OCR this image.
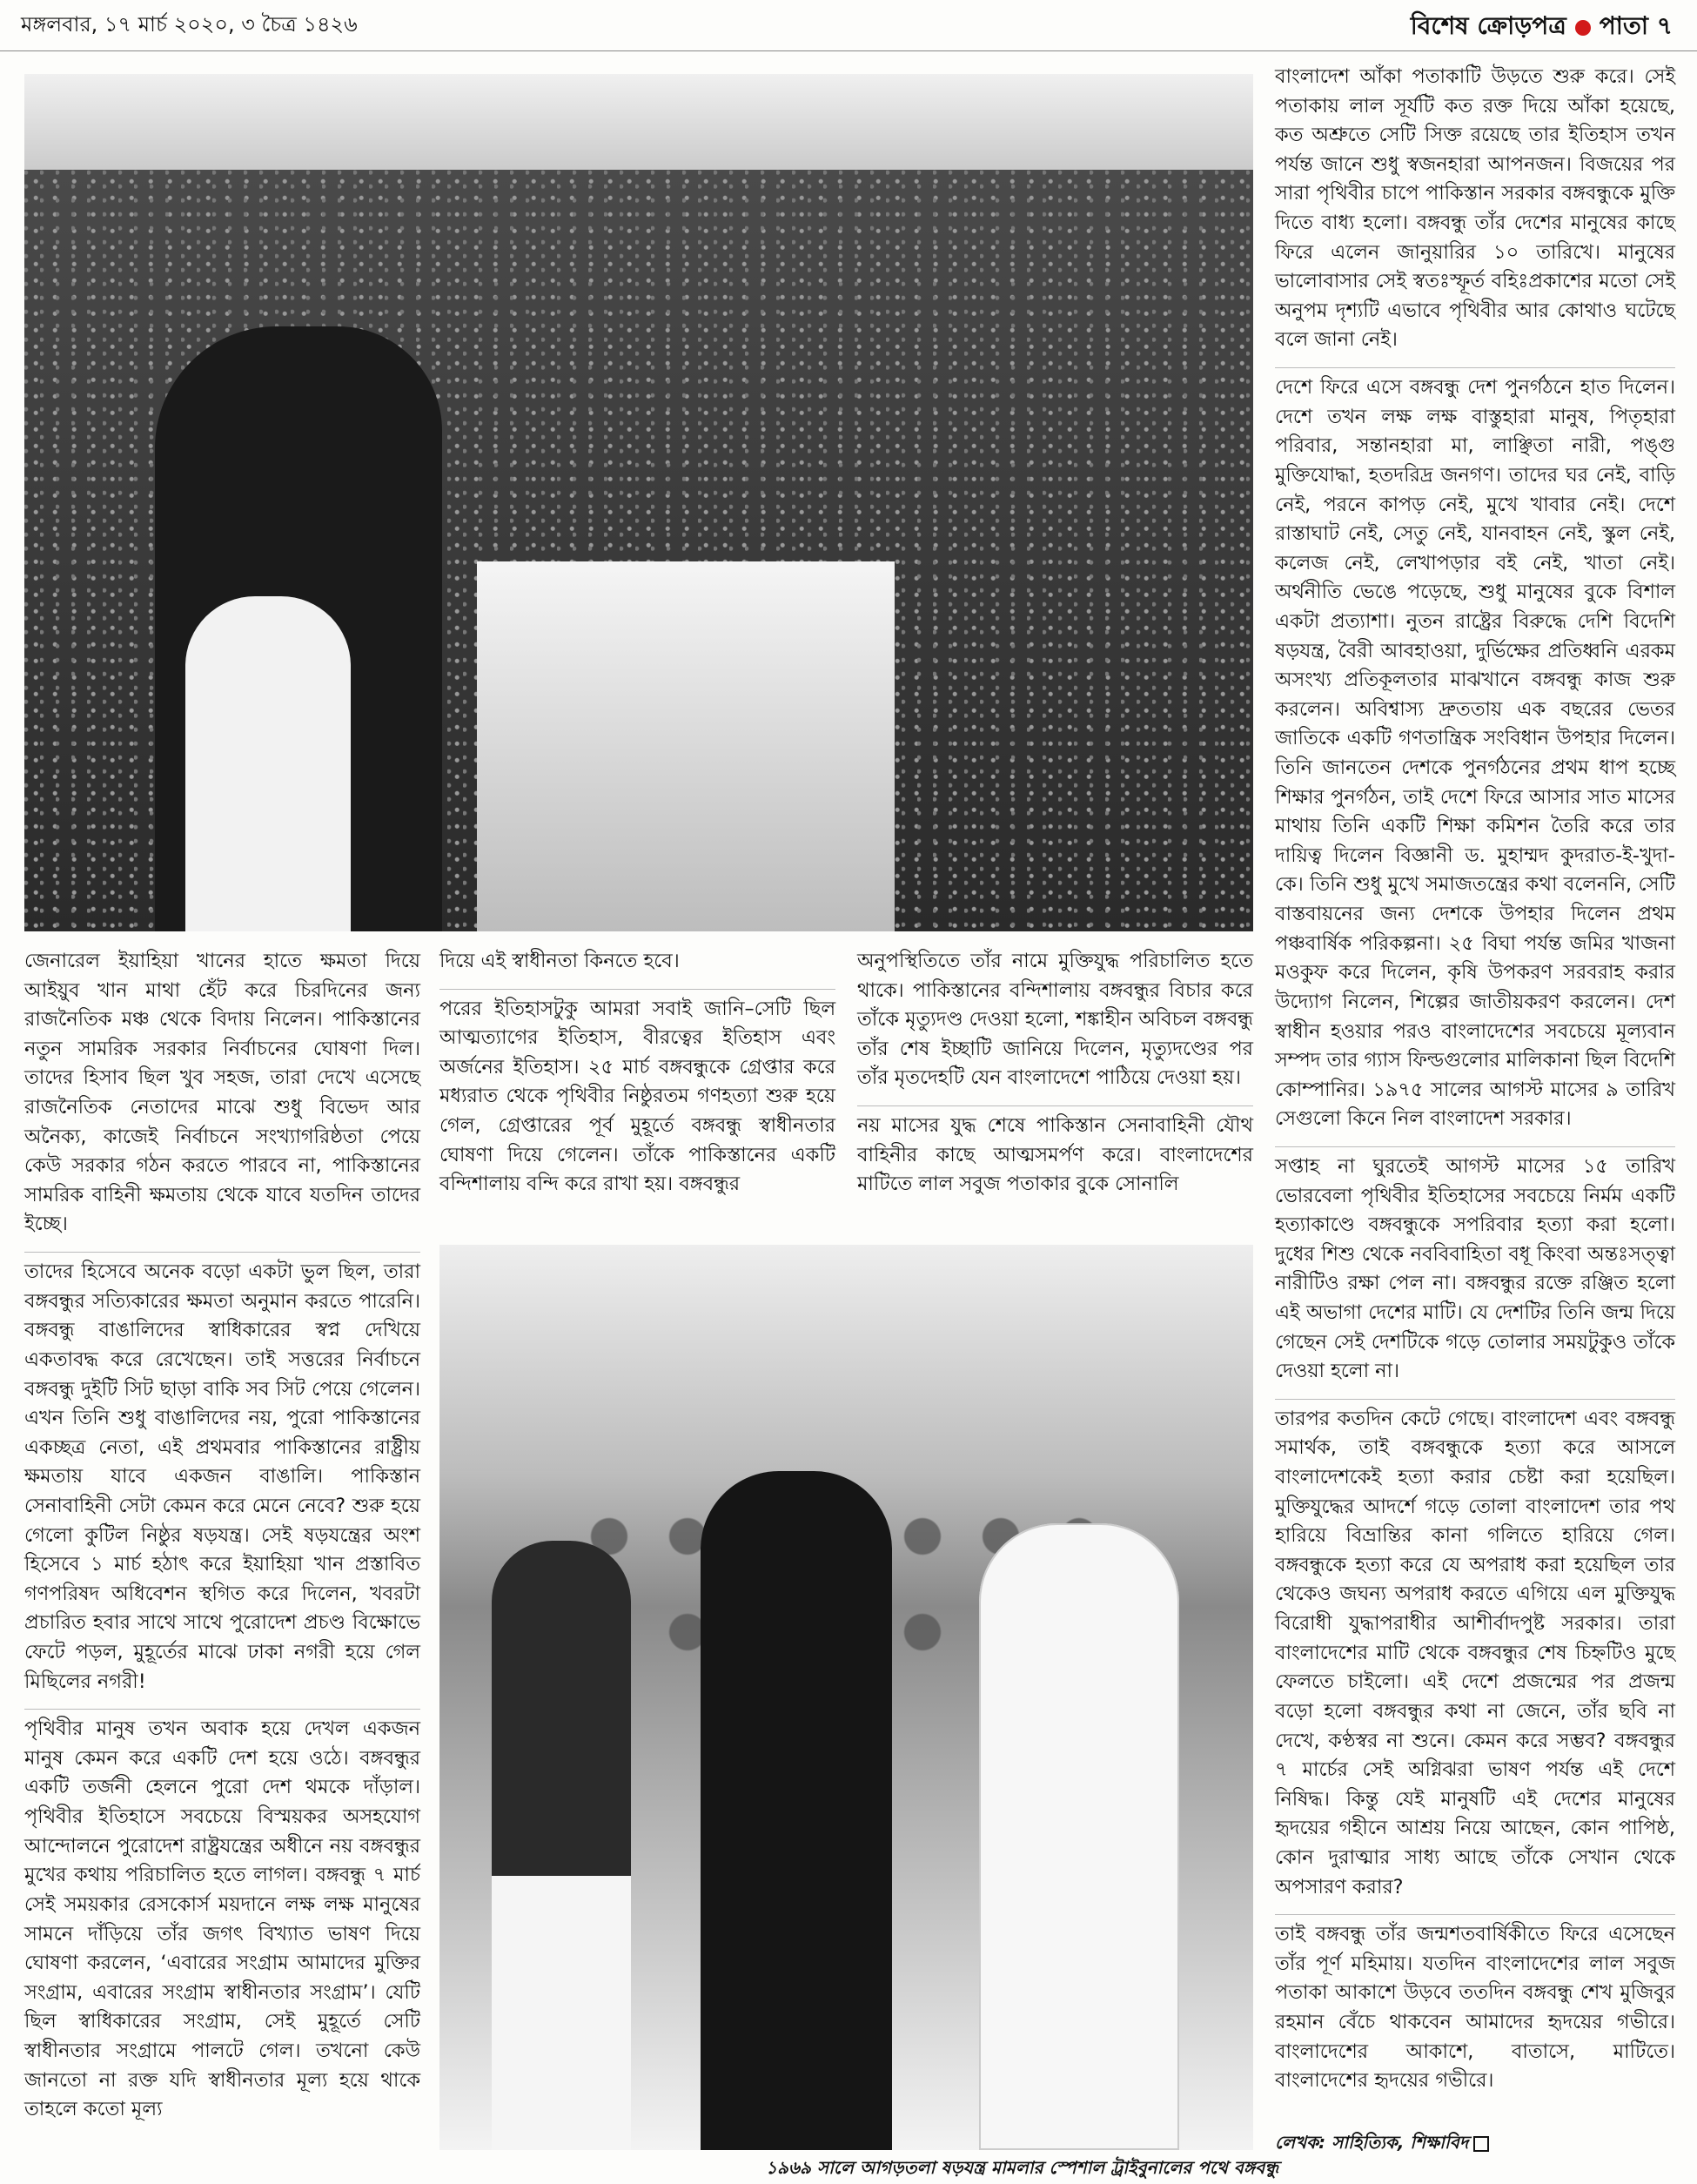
মঙ্গলবার, ১৭ মার্চ ২০২০, ৩ চৈত্র ১৪২৬	বিশেষ ক্রোড়পত্র পাতা ৭

জেনারেল ইয়াহিয়া খানের হাতে ক্ষমতা দিয়ে আইয়ুব খান মাথা হেঁট করে চিরদিনের জন্য রাজনৈতিক মঞ্চ থেকে বিদায় নিলেন। পাকিস্তানের নতুন সামরিক সরকার নির্বাচনের ঘোষণা দিল। তাদের হিসাব ছিল খুব সহজ, তারা দেখে এসেছে রাজনৈতিক নেতাদের মাঝে শুধু বিভেদ আর অনৈক্য, কাজেই নির্বাচনে সংখ্যাগরিষ্ঠতা পেয়ে কেউ সরকার গঠন করতে পারবে না, পাকিস্তানের সামরিক বাহিনী ক্ষমতায় থেকে যাবে যতদিন তাদের ইচ্ছে।

তাদের হিসেবে অনেক বড়ো একটা ভুল ছিল, তারা বঙ্গবন্ধুর সত্যিকারের ক্ষমতা অনুমান করতে পারেনি। বঙ্গবন্ধু বাঙালিদের স্বাধিকারের স্বপ্ন দেখিয়ে একতাবদ্ধ করে রেখেছেন। তাই সত্তরের নির্বাচনে বঙ্গবন্ধু দুইটি সিট ছাড়া বাকি সব সিট পেয়ে গেলেন। এখন তিনি শুধু বাঙালিদের নয়, পুরো পাকিস্তানের একচ্ছত্র নেতা, এই প্রথমবার পাকিস্তানের রাষ্ট্রীয় ক্ষমতায় যাবে একজন বাঙালি। পাকিস্তান সেনাবাহিনী সেটা কেমন করে মেনে নেবে? শুরু হয়ে গেলো কুটিল নিষ্ঠুর ষড়যন্ত্র। সেই ষড়যন্ত্রের অংশ হিসেবে ১ মার্চ হঠাৎ করে ইয়াহিয়া খান প্রস্তাবিত গণপরিষদ অধিবেশন স্থগিত করে দিলেন, খবরটা প্রচারিত হবার সাথে সাথে পুরোদেশ প্রচণ্ড বিক্ষোভে ফেটে পড়ল, মুহূর্তের মাঝে ঢাকা নগরী হয়ে গেল মিছিলের নগরী!

পৃথিবীর মানুষ তখন অবাক হয়ে দেখল একজন মানুষ কেমন করে একটি দেশ হয়ে ওঠে। বঙ্গবন্ধুর একটি তর্জনী হেলনে পুরো দেশ থমকে দাঁড়াল। পৃথিবীর ইতিহাসে সবচেয়ে বিস্ময়কর অসহযোগ আন্দোলনে পুরোদেশ রাষ্ট্রযন্ত্রের অধীনে নয় বঙ্গবন্ধুর মুখের কথায় পরিচালিত হতে লাগল। বঙ্গবন্ধু ৭ মার্চ সেই সময়কার রেসকোর্স ময়দানে লক্ষ লক্ষ মানুষের সামনে দাঁড়িয়ে তাঁর জগৎ বিখ্যাত ভাষণ দিয়ে ঘোষণা করলেন, ‘এবারের সংগ্রাম আমাদের মুক্তির সংগ্রাম, এবারের সংগ্রাম স্বাধীনতার সংগ্রাম’। যেটি ছিল স্বাধিকারের সংগ্রাম, সেই মুহূর্তে সেটি স্বাধীনতার সংগ্রামে পালটে গেল। তখনো কেউ জানতো না রক্ত যদি স্বাধীনতার মূল্য হয়ে থাকে তাহলে কতো মূল্য

দিয়ে এই স্বাধীনতা কিনতে হবে।

পরের ইতিহাসটুকু আমরা সবাই জানি–সেটি ছিল আত্মত্যাগের ইতিহাস, বীরত্বের ইতিহাস এবং অর্জনের ইতিহাস। ২৫ মার্চ বঙ্গবন্ধুকে গ্রেপ্তার করে মধ্যরাত থেকে পৃথিবীর নিষ্ঠুরতম গণহত্যা শুরু হয়ে গেল, গ্রেপ্তারের পূর্ব মুহূর্তে বঙ্গবন্ধু স্বাধীনতার ঘোষণা দিয়ে গেলেন। তাঁকে পাকিস্তানের একটি বন্দিশালায় বন্দি করে রাখা হয়। বঙ্গবন্ধুর

অনুপস্থিতিতে তাঁর নামে মুক্তিযুদ্ধ পরিচালিত হতে থাকে। পাকিস্তানের বন্দিশালায় বঙ্গবন্ধুর বিচার করে তাঁকে মৃত্যুদণ্ড দেওয়া হলো, শঙ্কাহীন অবিচল বঙ্গবন্ধু তাঁর শেষ ইচ্ছাটি জানিয়ে দিলেন, মৃত্যুদণ্ডের পর তাঁর মৃতদেহটি যেন বাংলাদেশে পাঠিয়ে দেওয়া হয়।

নয় মাসের যুদ্ধ শেষে পাকিস্তান সেনাবাহিনী যৌথ বাহিনীর কাছে আত্মসমর্পণ করে। বাংলাদেশের মাটিতে লাল সবুজ পতাকার বুকে সোনালি

বাংলাদেশ আঁকা পতাকাটি উড়তে শুরু করে। সেই পতাকায় লাল সূর্যটি কত রক্ত দিয়ে আঁকা হয়েছে, কত অশ্রুতে সেটি সিক্ত রয়েছে তার ইতিহাস তখন পর্যন্ত জানে শুধু স্বজনহারা আপনজন। বিজয়ের পর সারা পৃথিবীর চাপে পাকিস্তান সরকার বঙ্গবন্ধুকে মুক্তি দিতে বাধ্য হলো। বঙ্গবন্ধু তাঁর দেশের মানুষের কাছে ফিরে এলেন জানুয়ারির ১০ তারিখে। মানুষের ভালোবাসার সেই স্বতঃস্ফূর্ত বহিঃপ্রকাশের মতো সেই অনুপম দৃশ্যটি এভাবে পৃথিবীর আর কোথাও ঘটেছে বলে জানা নেই।

দেশে ফিরে এসে বঙ্গবন্ধু দেশ পুনর্গঠনে হাত দিলেন। দেশে তখন লক্ষ লক্ষ বাস্তুহারা মানুষ, পিতৃহারা পরিবার, সন্তানহারা মা, লাঞ্ছিতা নারী, পঙ্গু মুক্তিযোদ্ধা, হতদরিদ্র জনগণ। তাদের ঘর নেই, বাড়ি নেই, পরনে কাপড় নেই, মুখে খাবার নেই। দেশে রাস্তাঘাট নেই, সেতু নেই, যানবাহন নেই, স্কুল নেই, কলেজ নেই, লেখাপড়ার বই নেই, খাতা নেই। অর্থনীতি ভেঙে পড়েছে, শুধু মানুষের বুকে বিশাল একটা প্রত্যাশা। নুতন রাষ্ট্রের বিরুদ্ধে দেশি বিদেশি ষড়যন্ত্র, বৈরী আবহাওয়া, দুর্ভিক্ষের প্রতিধ্বনি এরকম অসংখ্য প্রতিকূলতার মাঝখানে বঙ্গবন্ধু কাজ শুরু করলেন। অবিশ্বাস্য দ্রুততায় এক বছরের ভেতর জাতিকে একটি গণতান্ত্রিক সংবিধান উপহার দিলেন। তিনি জানতেন দেশকে পুনর্গঠনের প্রথম ধাপ হচ্ছে শিক্ষার পুনর্গঠন, তাই দেশে ফিরে আসার সাত মাসের মাথায় তিনি একটি শিক্ষা কমিশন তৈরি করে তার দায়িত্ব দিলেন বিজ্ঞানী ড. মুহাম্মদ কুদরাত-ই-খুদা-কে। তিনি শুধু মুখে সমাজতন্ত্রের কথা বলেননি, সেটি বাস্তবায়নের জন্য দেশকে উপহার দিলেন প্রথম পঞ্চবার্ষিক পরিকল্পনা। ২৫ বিঘা পর্যন্ত জমির খাজনা মওকুফ করে দিলেন, কৃষি উপকরণ সরবরাহ করার উদ্যোগ নিলেন, শিল্পের জাতীয়করণ করলেন। দেশ স্বাধীন হওয়ার পরও বাংলাদেশের সবচেয়ে মূল্যবান সম্পদ তার গ্যাস ফিল্ডগুলোর মালিকানা ছিল বিদেশি কোম্পানির। ১৯৭৫ সালের আগস্ট মাসের ৯ তারিখ সেগুলো কিনে নিল বাংলাদেশ সরকার।

সপ্তাহ না ঘুরতেই আগস্ট মাসের ১৫ তারিখ ভোরবেলা পৃথিবীর ইতিহাসের সবচেয়ে নির্মম একটি হত্যাকাণ্ডে বঙ্গবন্ধুকে সপরিবার হত্যা করা হলো। দুধের শিশু থেকে নববিবাহিতা বধূ কিংবা অন্তঃসত্ত্বা নারীটিও রক্ষা পেল না। বঙ্গবন্ধুর রক্তে রঞ্জিত হলো এই অভাগা দেশের মাটি। যে দেশটির তিনি জন্ম দিয়ে গেছেন সেই দেশটিকে গড়ে তোলার সময়টুকুও তাঁকে দেওয়া হলো না।

তারপর কতদিন কেটে গেছে। বাংলাদেশ এবং বঙ্গবন্ধু সমার্থক, তাই বঙ্গবন্ধুকে হত্যা করে আসলে বাংলাদেশকেই হত্যা করার চেষ্টা করা হয়েছিল। মুক্তিযুদ্ধের আদর্শে গড়ে তোলা বাংলাদেশ তার পথ হারিয়ে বিভ্রান্তির কানা গলিতে হারিয়ে গেল। বঙ্গবন্ধুকে হত্যা করে যে অপরাধ করা হয়েছিল তার থেকেও জঘন্য অপরাধ করতে এগিয়ে এল মুক্তিযুদ্ধ বিরোধী যুদ্ধাপরাধীর আশীর্বাদপুষ্ট সরকার। তারা বাংলাদেশের মাটি থেকে বঙ্গবন্ধুর শেষ চিহ্নটিও মুছে ফেলতে চাইলো। এই দেশে প্রজন্মের পর প্রজন্ম বড়ো হলো বঙ্গবন্ধুর কথা না জেনে, তাঁর ছবি না দেখে, কণ্ঠস্বর না শুনে। কেমন করে সম্ভব? বঙ্গবন্ধুর ৭ মার্চের সেই অগ্নিঝরা ভাষণ পর্যন্ত এই দেশে নিষিদ্ধ। কিন্তু যেই মানুষটি এই দেশের মানুষের হৃদয়ের গহীনে আশ্রয় নিয়ে আছেন, কোন পাপিষ্ঠ, কোন দুরাত্মার সাধ্য আছে তাঁকে সেখান থেকে অপসারণ করার?

তাই বঙ্গবন্ধু তাঁর জন্মশতবার্ষিকীতে ফিরে এসেছেন তাঁর পূর্ণ মহিমায়। যতদিন বাংলাদেশের লাল সবুজ পতাকা আকাশে উড়বে ততদিন বঙ্গবন্ধু শেখ মুজিবুর রহমান বেঁচে থাকবেন আমাদের হৃদয়ের গভীরে। বাংলাদেশের আকাশে, বাতাসে, মাটিতে। বাংলাদেশের হৃদয়ের গভীরে।

লেখক: সাহিত্যিক, শিক্ষাবিদ
১৯৬৯ সালে আগড়তলা ষড়যন্ত্র মামলার স্পেশাল ট্রাইবুনালের পথে বঙ্গবন্ধু
